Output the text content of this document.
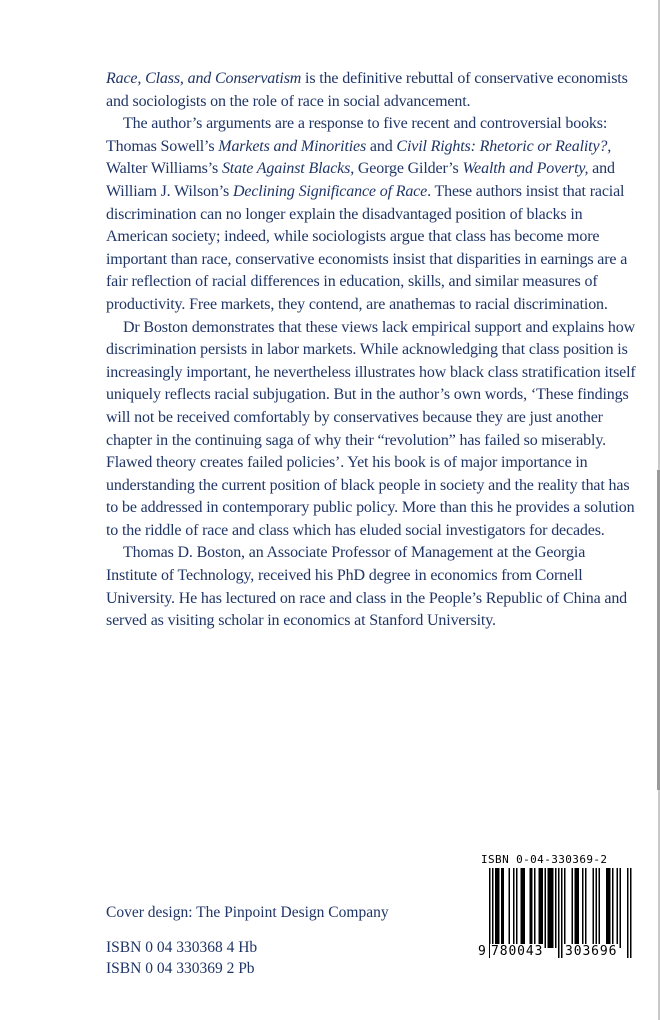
Race, Class, and Conservatism is the definitive rebuttal of conservative economists and sociologists on the role of race in social advancement.

The author’s arguments are a response to five recent and controversial books: Thomas Sowell’s Markets and Minorities and Civil Rights: Rhetoric or Reality?, Walter Williams’s State Against Blacks, George Gilder’s Wealth and Poverty, and William J. Wilson’s Declining Significance of Race. These authors insist that racial discrimination can no longer explain the disadvantaged position of blacks in American society; indeed, while sociologists argue that class has become more important than race, conservative economists insist that disparities in earnings are a fair reflection of racial differences in education, skills, and similar measures of productivity. Free markets, they contend, are anathemas to racial discrimination.

Dr Boston demonstrates that these views lack empirical support and explains how discrimination persists in labor markets. While acknowledging that class position is increasingly important, he nevertheless illustrates how black class stratification itself uniquely reflects racial subjugation. But in the author’s own words, ‘These findings will not be received comfortably by conservatives because they are just another chapter in the continuing saga of why their “revolution” has failed so miserably. Flawed theory creates failed policies’. Yet his book is of major importance in understanding the current position of black people in society and the reality that has to be addressed in contemporary public policy. More than this he provides a solution to the riddle of race and class which has eluded social investigators for decades.

Thomas D. Boston, an Associate Professor of Management at the Georgia Institute of Technology, received his PhD degree in economics from Cornell University. He has lectured on race and class in the People’s Republic of China and served as visiting scholar in economics at Stanford University.

Cover design: The Pinpoint Design Company
ISBN 0 04 330368 4 Hb
ISBN 0 04 330369 2 Pb
ISBN 0-04-330369-2
9 780043 303696
